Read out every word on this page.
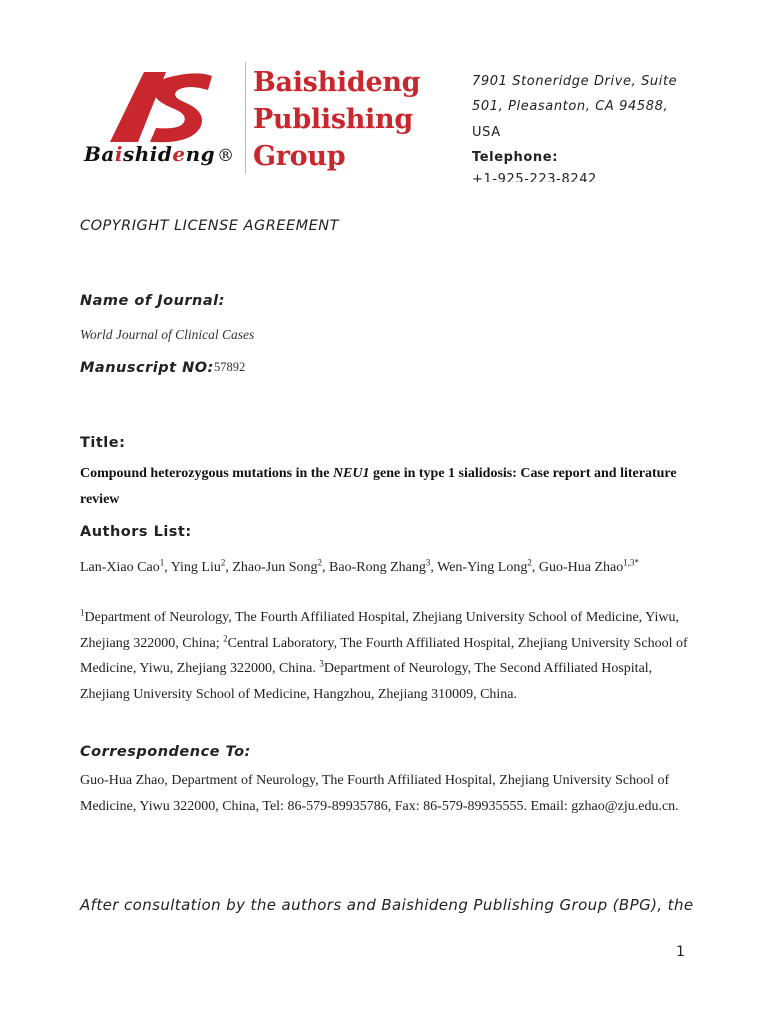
Baishideng ®
Baishideng
Publishing
Group
7901 Stoneridge Drive, Suite
501, Pleasanton, CA 94588,
USA
Telephone:
+1-925-223-8242
COPYRIGHT LICENSE AGREEMENT
Name of Journal:
World Journal of Clinical Cases
Manuscript NO: 57892
Title:
Compound heterozygous mutations in the NEU1 gene in type 1 sialidosis: Case report and literature review
Authors List:
Lan-Xiao Cao$^1$, Ying Liu$^2$, Zhao-Jun Song$^2$, Bao-Rong Zhang$^3$, Wen-Ying Long$^2$, Guo-Hua Zhao$^{1,3*}$
$^1$Department of Neurology, The Fourth Affiliated Hospital, Zhejiang University School of Medicine, Yiwu, Zhejiang 322000, China; $^2$Central Laboratory, The Fourth Affiliated Hospital, Zhejiang University School of Medicine, Yiwu, Zhejiang 322000, China. $^3$Department of Neurology, The Second Affiliated Hospital, Zhejiang University School of Medicine, Hangzhou, Zhejiang 310009, China.
Correspondence To:
Guo-Hua Zhao, Department of Neurology, The Fourth Affiliated Hospital, Zhejiang University School of Medicine, Yiwu 322000, China, Tel: 86-579-89935786, Fax: 86-579-89935555. Email: gzhao@zju.edu.cn.
After consultation by the authors and Baishideng Publishing Group (BPG), the
1
